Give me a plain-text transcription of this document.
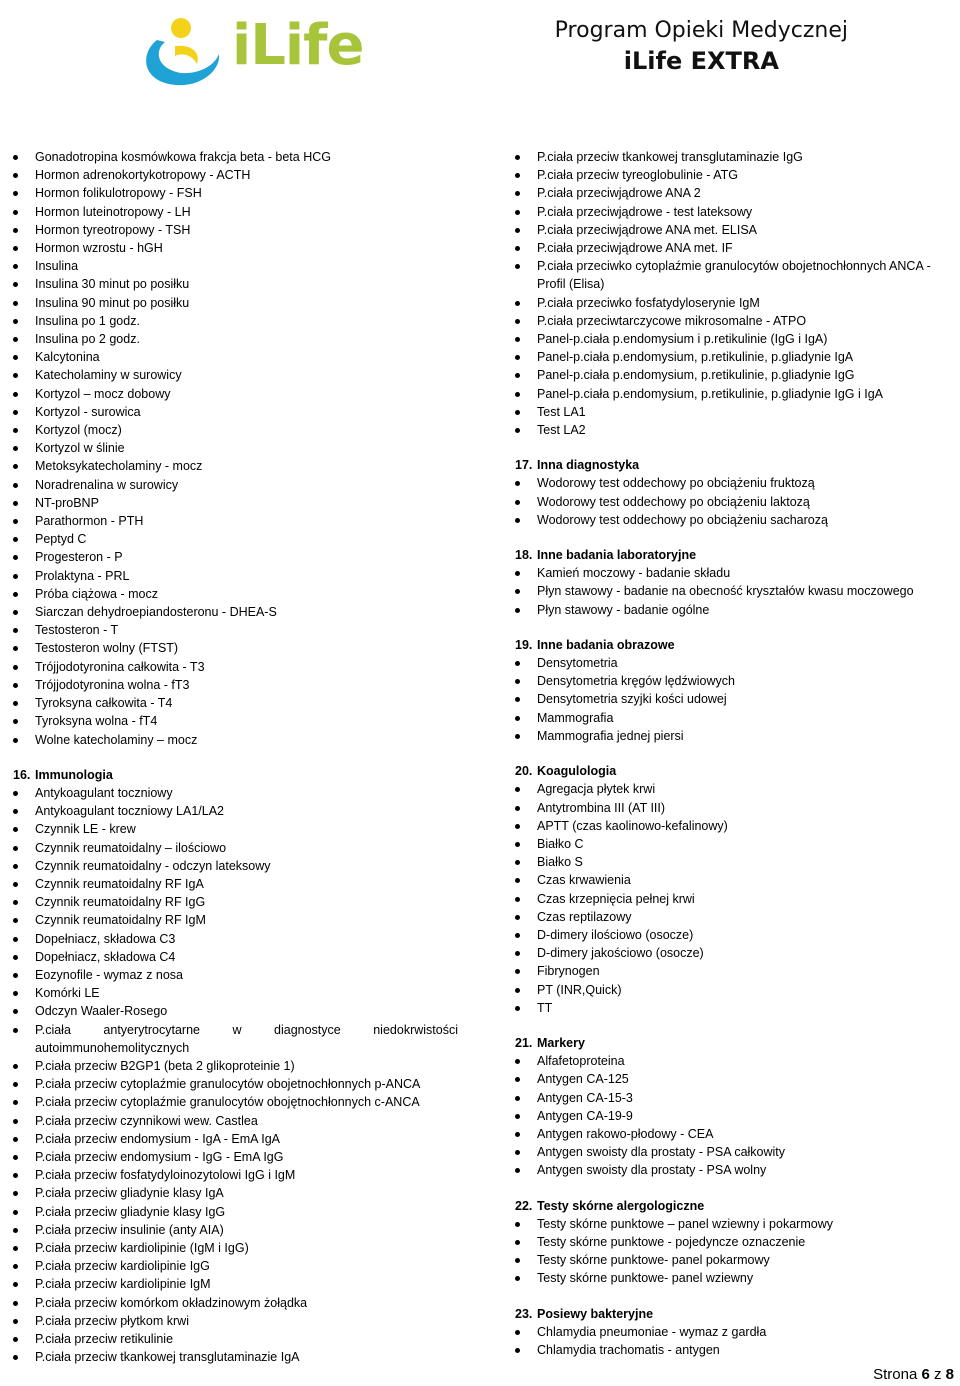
iLife	Program Opieki Medycznej
iLife EXTRA
Gonadotropina kosmówkowa frakcja beta - beta HCG
Hormon adrenokortykotropowy - ACTH
Hormon folikulotropowy - FSH
Hormon luteinotropowy - LH
Hormon tyreotropowy - TSH
Hormon wzrostu - hGH
Insulina
Insulina 30 minut po posiłku
Insulina 90 minut po posiłku
Insulina po 1 godz.
Insulina po 2 godz.
Kalcytonina
Katecholaminy w surowicy
Kortyzol – mocz dobowy
Kortyzol - surowica
Kortyzol (mocz)
Kortyzol w ślinie
Metoksykatecholaminy - mocz
Noradrenalina w surowicy
NT-proBNP
Parathormon - PTH
Peptyd C
Progesteron - P
Prolaktyna - PRL
Próba ciążowa - mocz
Siarczan dehydroepiandosteronu - DHEA-S
Testosteron - T
Testosteron wolny (FTST)
Trójjodotyronina całkowita - T3
Trójjodotyronina wolna - fT3
Tyroksyna całkowita - T4
Tyroksyna wolna - fT4
Wolne katecholaminy – mocz
16. Immunologia
Antykoagulant toczniowy
Antykoagulant toczniowy LA1/LA2
Czynnik LE - krew
Czynnik reumatoidalny – ilościowo
Czynnik reumatoidalny - odczyn lateksowy
Czynnik reumatoidalny RF IgA
Czynnik reumatoidalny RF IgG
Czynnik reumatoidalny RF IgM
Dopełniacz, składowa C3
Dopełniacz, składowa C4
Eozynofile - wymaz z nosa
Komórki LE
Odczyn Waaler-Rosego
P.ciała antyerytrocytarne w diagnostyce niedokrwistości autoimmunohemolitycznych
P.ciała przeciw B2GP1 (beta 2 glikoproteinie 1)
P.ciała przeciw cytoplaźmie granulocytów obojetnochłonnych p-ANCA
P.ciała przeciw cytoplaźmie granulocytów obojętnochłonnych c-ANCA
P.ciała przeciw czynnikowi wew. Castlea
P.ciała przeciw endomysium - IgA - EmA IgA
P.ciała przeciw endomysium - IgG - EmA IgG
P.ciała przeciw fosfatydyloinozytolowi IgG i IgM
P.ciała przeciw gliadynie klasy IgA
P.ciała przeciw gliadynie klasy IgG
P.ciała przeciw insulinie (anty AIA)
P.ciała przeciw kardiolipinie (IgM i IgG)
P.ciała przeciw kardiolipinie IgG
P.ciała przeciw kardiolipinie IgM
P.ciała przeciw komórkom okładzinowym żołądka
P.ciała przeciw płytkom krwi
P.ciała przeciw retikulinie
P.ciała przeciw tkankowej transglutaminazie IgA
P.ciała przeciw tkankowej transglutaminazie IgG
P.ciała przeciw tyreoglobulinie - ATG
P.ciała przeciwjądrowe ANA 2
P.ciała przeciwjądrowe - test lateksowy
P.ciała przeciwjądrowe ANA met. ELISA
P.ciała przeciwjądrowe ANA met. IF
P.ciała przeciwko cytoplaźmie granulocytów obojetnochłonnych ANCA - Profil (Elisa)
P.ciała przeciwko fosfatydyloserynie IgM
P.ciała przeciwtarczycowe mikrosomalne - ATPO
Panel-p.ciała p.endomysium i p.retikulinie (IgG i IgA)
Panel-p.ciała p.endomysium, p.retikulinie, p.gliadynie IgA
Panel-p.ciała p.endomysium, p.retikulinie, p.gliadynie IgG
Panel-p.ciała p.endomysium, p.retikulinie, p.gliadynie IgG i IgA
Test LA1
Test LA2
17. Inna diagnostyka
Wodorowy test oddechowy po obciążeniu fruktozą
Wodorowy test oddechowy po obciążeniu laktozą
Wodorowy test oddechowy po obciążeniu sacharozą
18. Inne badania laboratoryjne
Kamień moczowy - badanie składu
Płyn stawowy - badanie na obecność kryształów kwasu moczowego
Płyn stawowy - badanie ogólne
19. Inne badania obrazowe
Densytometria
Densytometria kręgów lędźwiowych
Densytometria szyjki kości udowej
Mammografia
Mammografia jednej piersi
20. Koagulologia
Agregacja płytek krwi
Antytrombina III (AT III)
APTT (czas kaolinowo-kefalinowy)
Białko C
Białko S
Czas krwawienia
Czas krzepnięcia pełnej krwi
Czas reptilazowy
D-dimery ilościowo (osocze)
D-dimery jakościowo (osocze)
Fibrynogen
PT (INR,Quick)
TT
21. Markery
Alfafetoproteina
Antygen CA-125
Antygen CA-15-3
Antygen CA-19-9
Antygen rakowo-płodowy - CEA
Antygen swoisty dla prostaty - PSA całkowity
Antygen swoisty dla prostaty - PSA wolny
22. Testy skórne alergologiczne
Testy skórne punktowe – panel wziewny i pokarmowy
Testy skórne punktowe - pojedyncze oznaczenie
Testy skórne punktowe- panel pokarmowy
Testy skórne punktowe- panel wziewny
23. Posiewy bakteryjne
Chlamydia pneumoniae - wymaz z gardła
Chlamydia trachomatis - antygen
Strona 6 z 8
